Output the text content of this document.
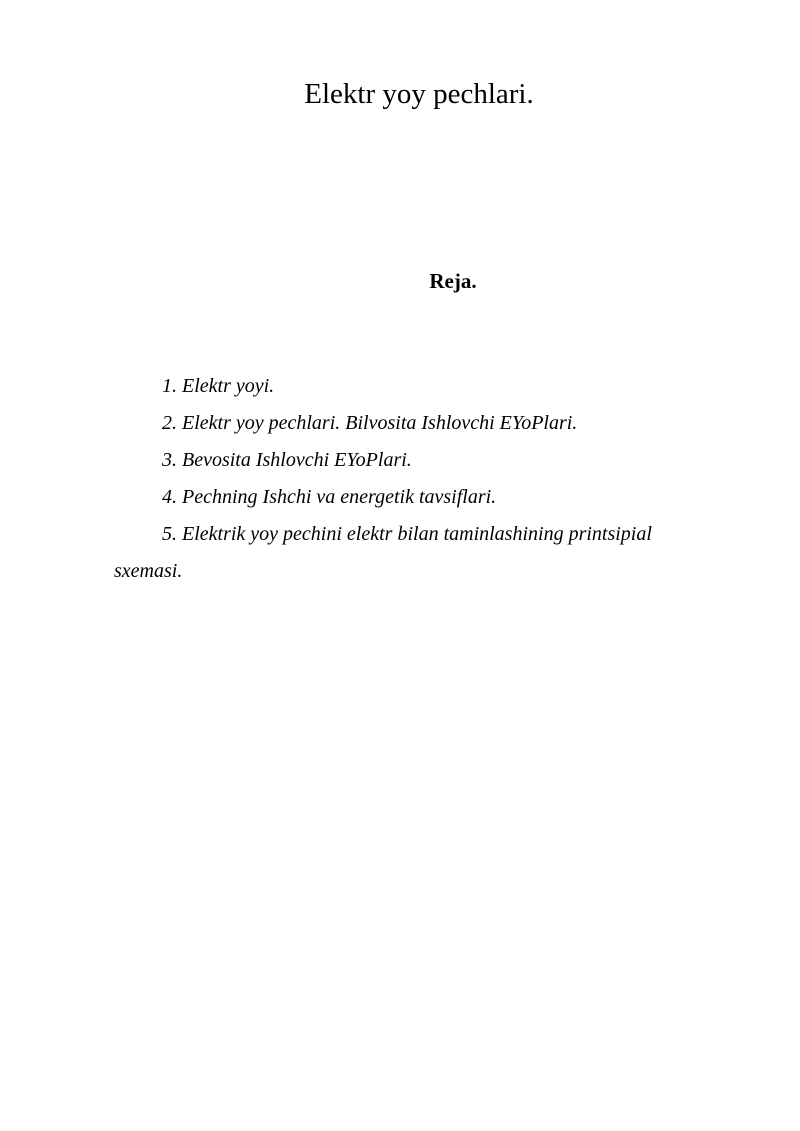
Elektr yoy pechlari.
Reja.
1. Elektr yoyi.
2. Elektr yoy pechlari. Bilvosita Ishlovchi EYoPlari.
3. Bevosita Ishlovchi EYoPlari.
4. Pechning Ishchi va energetik tavsiflari.
5. Elektrik yoy pechini elektr bilan taminlashining printsipial sxemasi.
